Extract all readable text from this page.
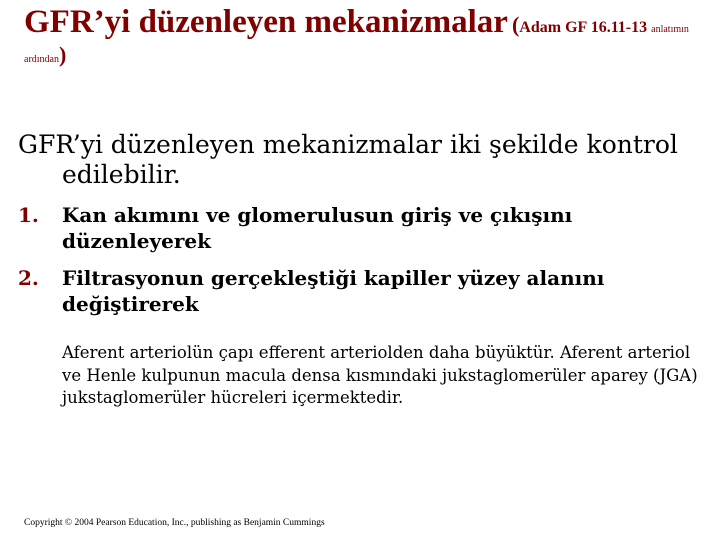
GFR’yi düzenleyen mekanizmalar (Adam GF 16.11-13 anlatımın
ardından)
GFR’yi düzenleyen mekanizmalar iki şekilde kontrol
edilebilir.
1. Kan akımını ve glomerulusun giriş ve çıkışını düzenleyerek
2. Filtrasyonun gerçekleştiği kapiller yüzey alanını değiştirerek
Aferent arteriolün çapı efferent arteriolden daha büyüktür. Aferent arteriol ve Henle kulpunun macula densa kısmındaki jukstaglomerüler aparey (JGA) jukstaglomerüler hücreleri içermektedir.
Copyright © 2004 Pearson Education, Inc., publishing as Benjamin Cummings
